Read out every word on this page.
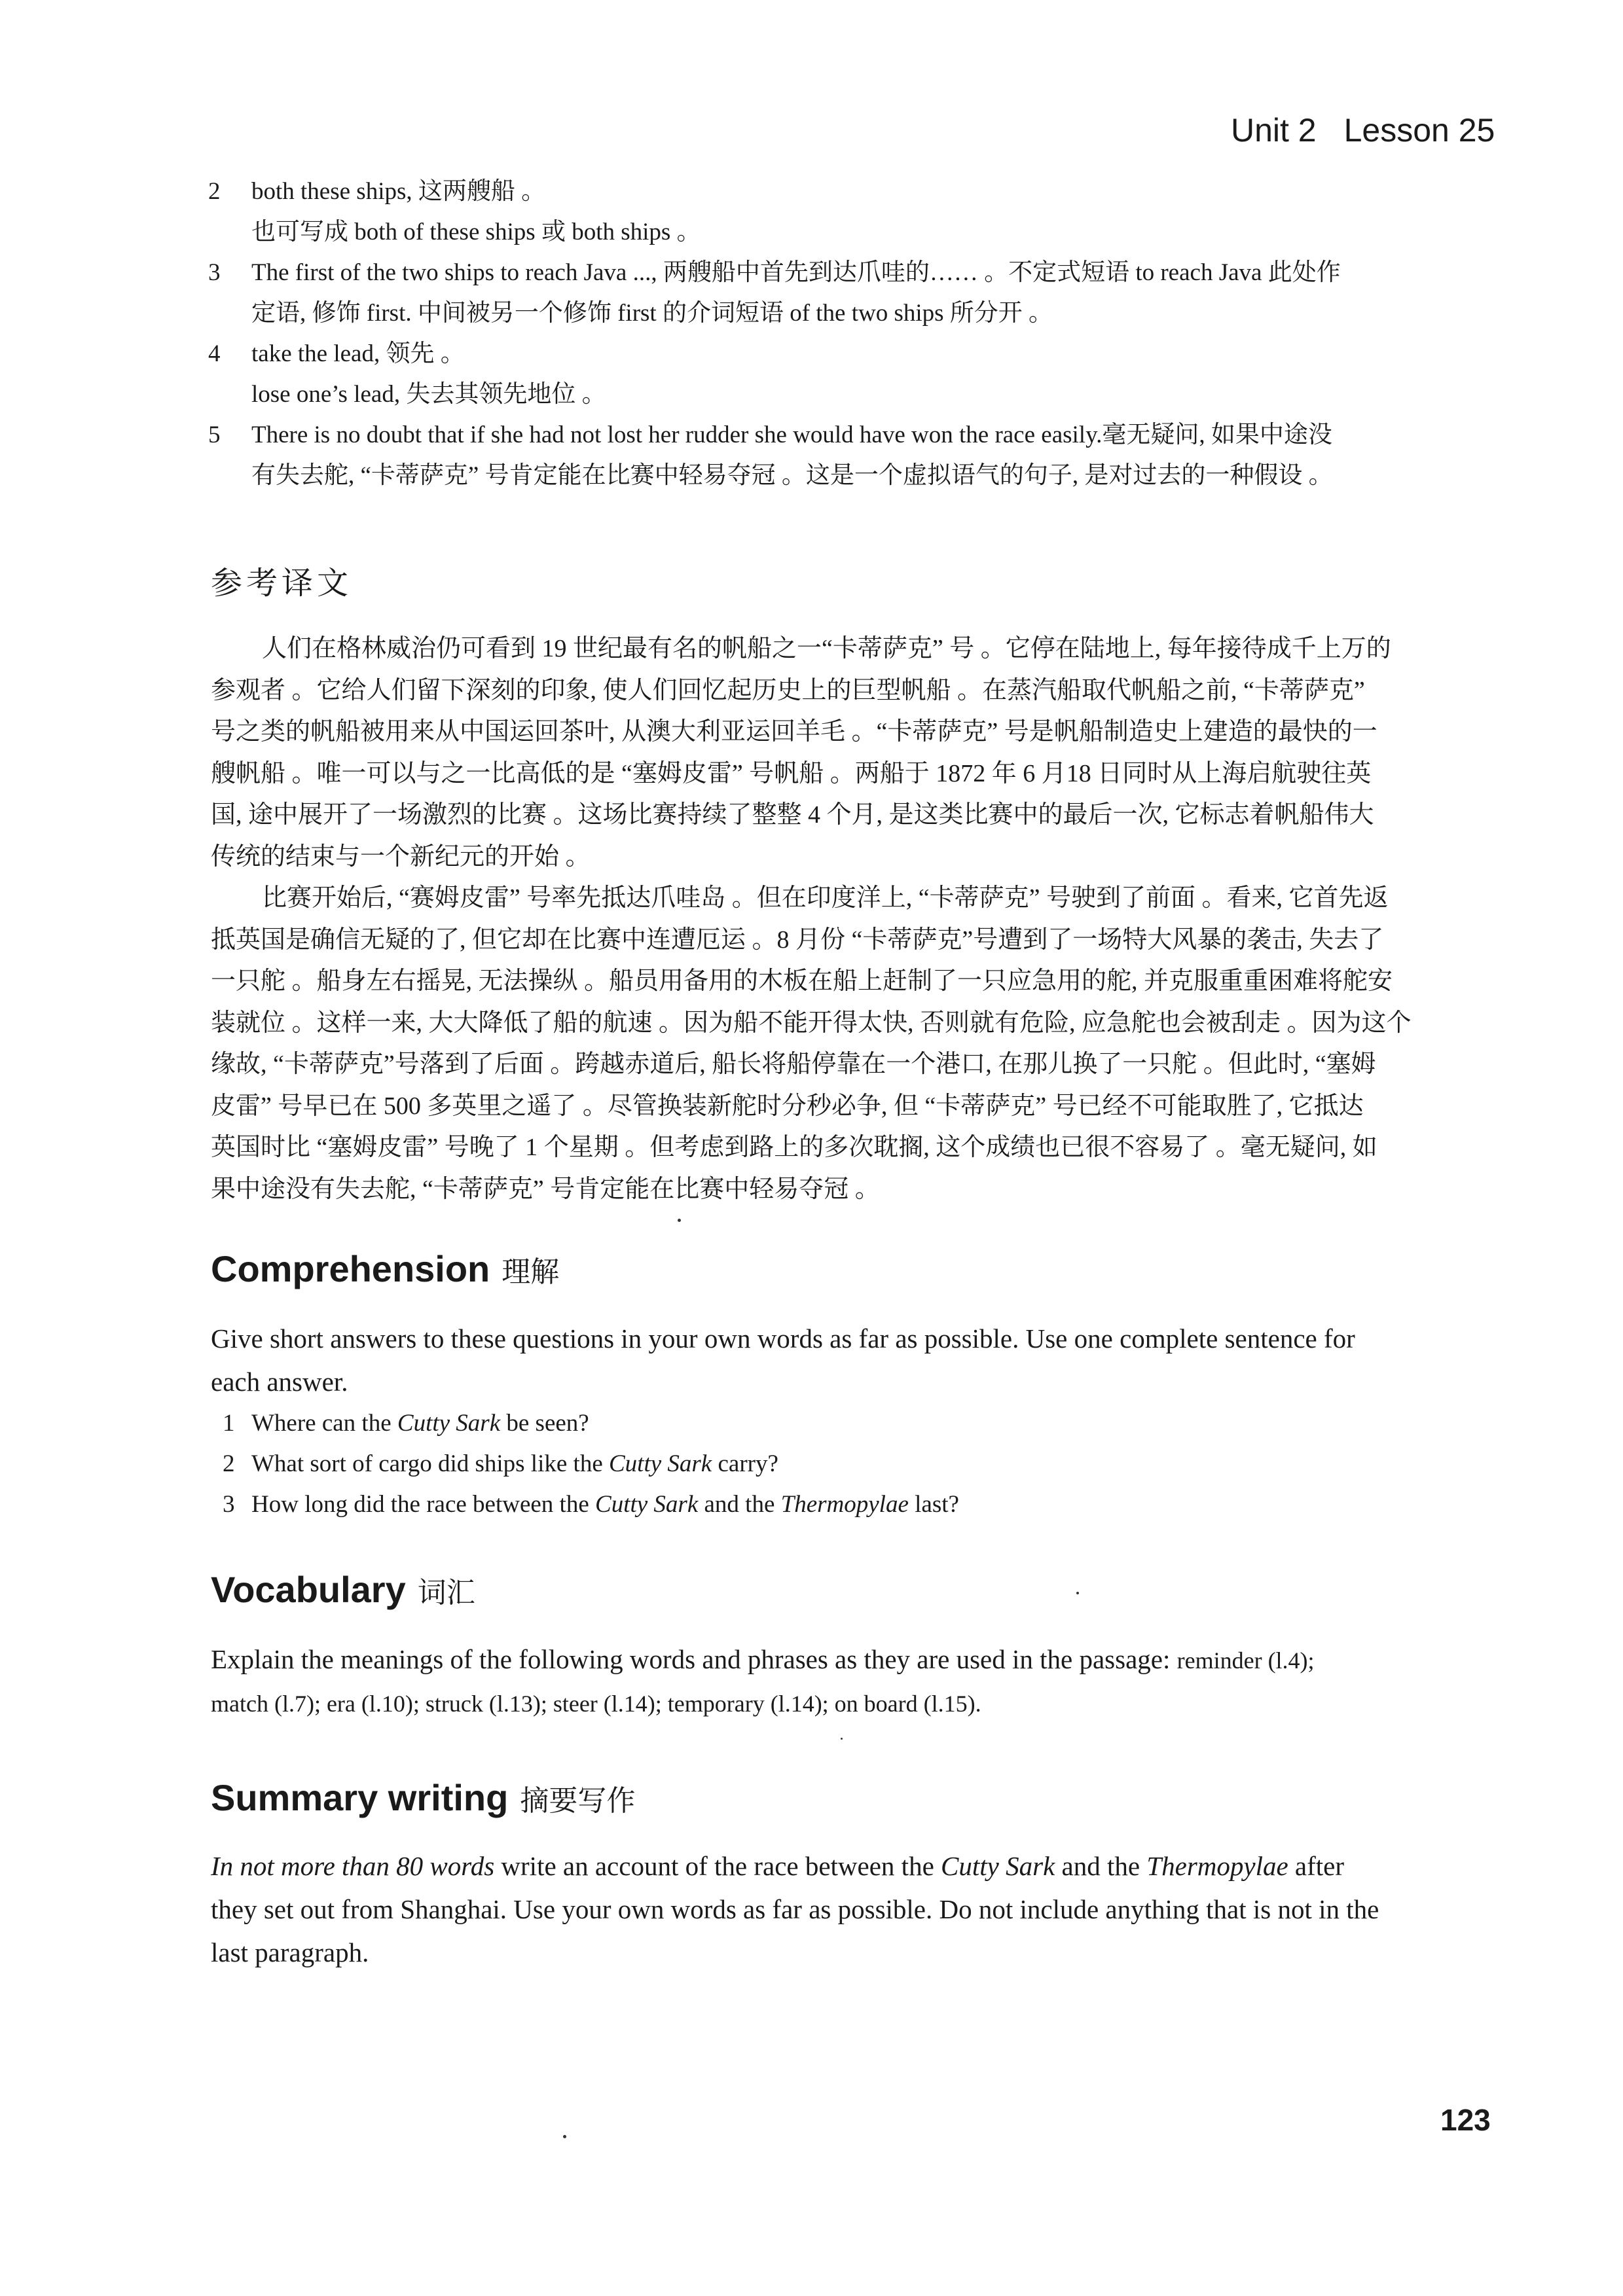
Unit 2 Lesson 25
2 both these ships, 这两艘船 。
也可写成 both of these ships 或 both ships 。
3 The first of the two ships to reach Java ..., 两艘船中首先到达爪哇的…… 。不定式短语 to reach Java 此处作
定语, 修饰 first. 中间被另一个修饰 first 的介词短语 of the two ships 所分开 。
4 take the lead, 领先 。
lose one’s lead, 失去其领先地位 。
5 There is no doubt that if she had not lost her rudder she would have won the race easily.毫无疑问, 如果中途没
有失去舵, “卡蒂萨克” 号肯定能在比赛中轻易夺冠 。这是一个虚拟语气的句子, 是对过去的一种假设 。
参考译文

人们在格林威治仍可看到 19 世纪最有名的帆船之一“卡蒂萨克” 号 。它停在陆地上, 每年接待成千上万的
参观者 。它给人们留下深刻的印象, 使人们回忆起历史上的巨型帆船 。在蒸汽船取代帆船之前, “卡蒂萨克”
号之类的帆船被用来从中国运回茶叶, 从澳大利亚运回羊毛 。“卡蒂萨克” 号是帆船制造史上建造的最快的一
艘帆船 。唯一可以与之一比高低的是 “塞姆皮雷” 号帆船 。两船于 1872 年 6 月18 日同时从上海启航驶往英
国, 途中展开了一场激烈的比赛 。这场比赛持续了整整 4 个月, 是这类比赛中的最后一次, 它标志着帆船伟大
传统的结束与一个新纪元的开始 。

比赛开始后, “赛姆皮雷” 号率先抵达爪哇岛 。但在印度洋上, “卡蒂萨克” 号驶到了前面 。看来, 它首先返
抵英国是确信无疑的了, 但它却在比赛中连遭厄运 。8 月份 “卡蒂萨克”号遭到了一场特大风暴的袭击, 失去了
一只舵 。船身左右摇晃, 无法操纵 。船员用备用的木板在船上赶制了一只应急用的舵, 并克服重重困难将舵安
装就位 。这样一来, 大大降低了船的航速 。因为船不能开得太快, 否则就有危险, 应急舵也会被刮走 。因为这个
缘故, “卡蒂萨克”号落到了后面 。跨越赤道后, 船长将船停靠在一个港口, 在那儿换了一只舵 。但此时, “塞姆
皮雷” 号早已在 500 多英里之遥了 。尽管换装新舵时分秒必争, 但 “卡蒂萨克” 号已经不可能取胜了, 它抵达
英国时比 “塞姆皮雷” 号晚了 1 个星期 。但考虑到路上的多次耽搁, 这个成绩也已很不容易了 。毫无疑问, 如
果中途没有失去舵, “卡蒂萨克” 号肯定能在比赛中轻易夺冠 。

Comprehension 理解
Give short answers to these questions in your own words as far as possible. Use one complete sentence for
each answer.
1 Where can the Cutty Sark be seen?
2 What sort of cargo did ships like the Cutty Sark carry?
3 How long did the race between the Cutty Sark and the Thermopylae last?
Vocabulary 词汇
Explain the meanings of the following words and phrases as they are used in the passage: reminder (l.4);
match (l.7); era (l.10); struck (l.13); steer (l.14); temporary (l.14); on board (l.15).
Summary writing 摘要写作
In not more than 80 words write an account of the race between the Cutty Sark and the Thermopylae after
they set out from Shanghai. Use your own words as far as possible. Do not include anything that is not in the
last paragraph.
123
